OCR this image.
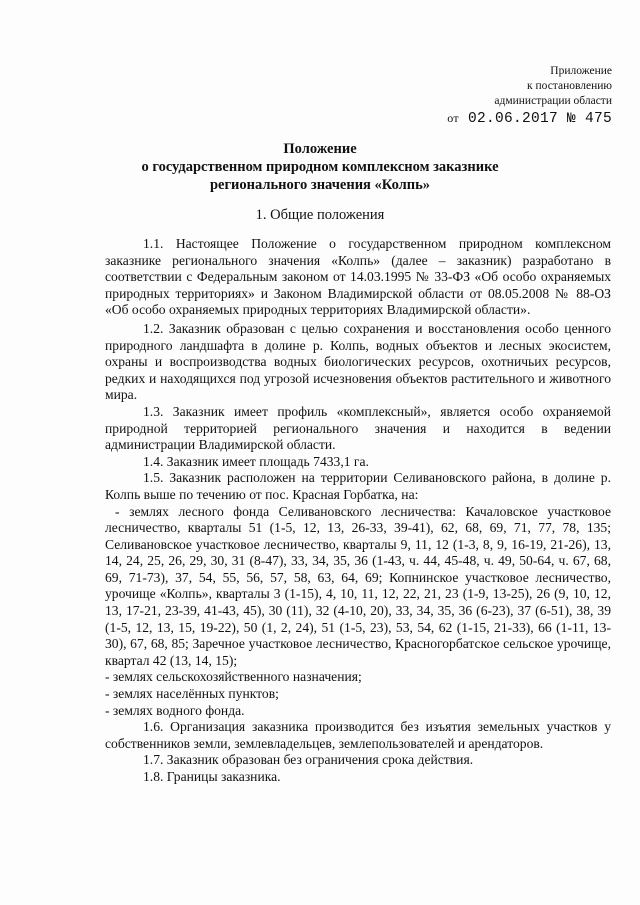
Приложение
к постановлению
администрации области
от 02.06.2017 № 475
Положение
о государственном природном комплексном заказнике
регионального значения «Колпь»
1. Общие положения

1.1. Настоящее Положение о государственном природном комплексном заказнике регионального значения «Колпь» (далее – заказник) разработано в соответствии с Федеральным законом от 14.03.1995 № 33-ФЗ «Об особо охраняемых природных территориях» и Законом Владимирской области от 08.05.2008 № 88-ОЗ «Об особо охраняемых природных территориях Владимирской области».

1.2. Заказник образован с целью сохранения и восстановления особо ценного природного ландшафта в долине р. Колпь, водных объектов и лесных экосистем, охраны и воспроизводства водных биологических ресурсов, охотничьих ресурсов, редких и находящихся под угрозой исчезновения объектов растительного и животного мира.

1.3. Заказник имеет профиль «комплексный», является особо охраняемой природной территорией регионального значения и находится в ведении администрации Владимирской области.

1.4. Заказник имеет площадь 7433,1 га.

1.5. Заказник расположен на территории Селивановского района, в долине р. Колпь выше по течению от пос. Красная Горбатка, на:

- землях лесного фонда Селивановского лесничества: Качаловское участковое лесничество, кварталы 51 (1-5, 12, 13, 26-33, 39-41), 62, 68, 69, 71, 77, 78, 135; Селивановское участковое лесничество, кварталы 9, 11, 12 (1-3, 8, 9, 16-19, 21-26), 13, 14, 24, 25, 26, 29, 30, 31 (8-47), 33, 34, 35, 36 (1-43, ч. 44, 45-48, ч. 49, 50-64, ч. 67, 68, 69, 71-73), 37, 54, 55, 56, 57, 58, 63, 64, 69; Копнинское участковое лесничество, урочище «Колпь», кварталы 3 (1-15), 4, 10, 11, 12, 22, 21, 23 (1-9, 13-25), 26 (9, 10, 12, 13, 17-21, 23-39, 41-43, 45), 30 (11), 32 (4-10, 20), 33, 34, 35, 36 (6-23), 37 (6-51), 38, 39 (1-5, 12, 13, 15, 19-22), 50 (1, 2, 24), 51 (1-5, 23), 53, 54, 62 (1-15, 21-33), 66 (1-11, 13-30), 67, 68, 85; Заречное участковое лесничество, Красногорбатское сельское урочище, квартал 42 (13, 14, 15);

- землях сельскохозяйственного назначения;

- землях населённых пунктов;

- землях водного фонда.

1.6. Организация заказника производится без изъятия земельных участков у собственников земли, землевладельцев, землепользователей и арендаторов.

1.7. Заказник образован без ограничения срока действия.

1.8. Границы заказника.
